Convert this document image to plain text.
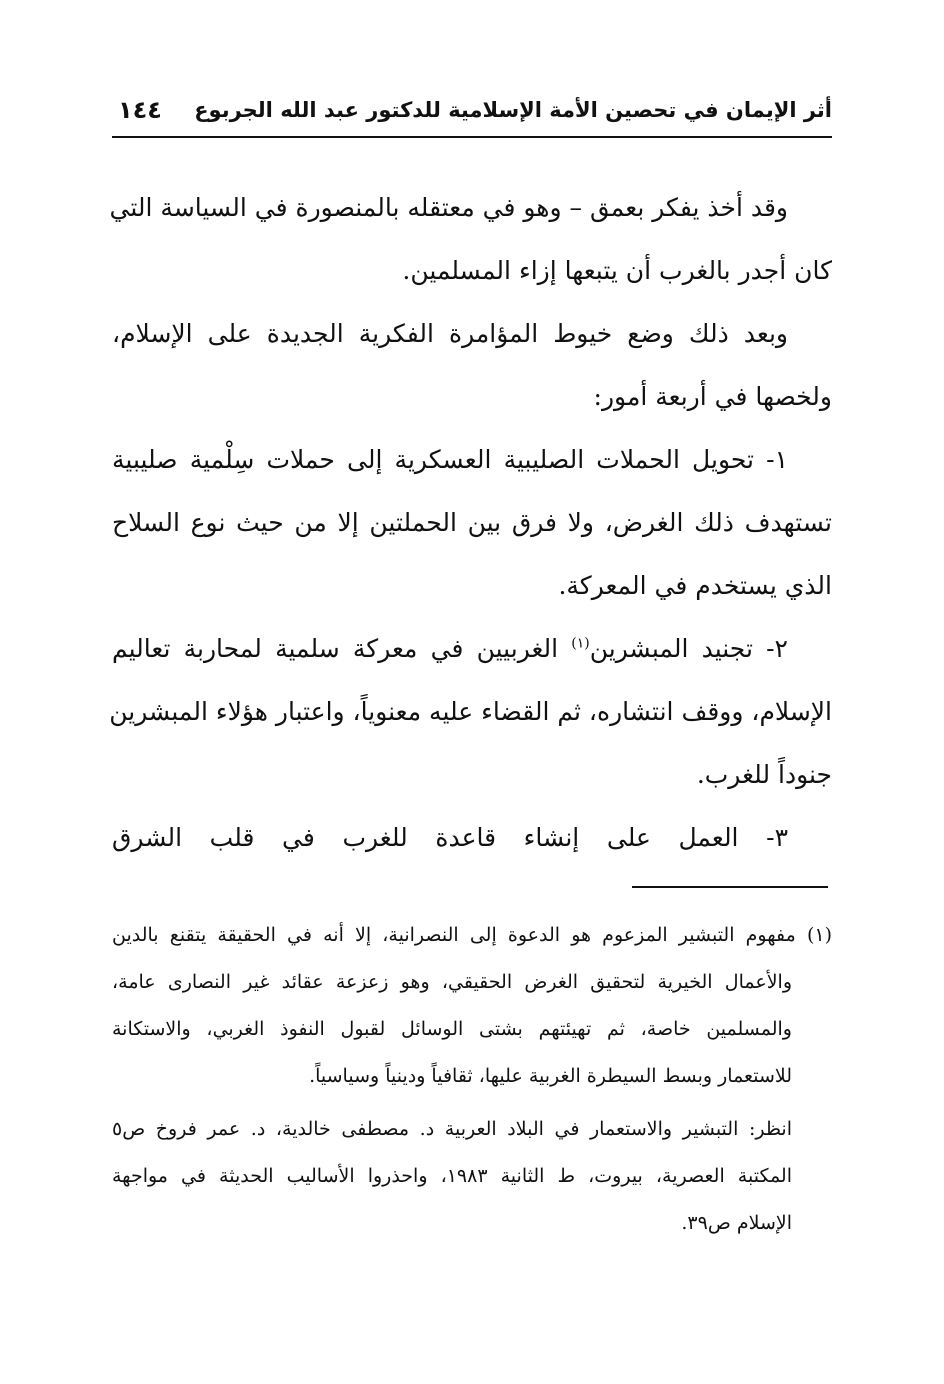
أثر الإيمان في تحصين الأمة الإسلامية للدكتور عبد الله الجربوع
١٤٤
وقد أخذ يفكر بعمق – وهو في معتقله بالمنصورة في السياسة التي
كان أجدر بالغرب أن يتبعها إزاء المسلمين.
وبعد ذلك وضع خيوط المؤامرة الفكرية الجديدة على الإسلام،
ولخصها في أربعة أمور:
١- تحويل الحملات الصليبية العسكرية إلى حملات سِلْمية صليبية
تستهدف ذلك الغرض، ولا فرق بين الحملتين إلا من حيث نوع السلاح
الذي يستخدم في المعركة.
٢- تجنيد المبشرين$^{(١)}$ الغربيين في معركة سلمية لمحاربة تعاليم
الإسلام، ووقف انتشاره، ثم القضاء عليه معنوياً، واعتبار هؤلاء المبشرين
جنوداً للغرب.
٣- العمل على إنشاء قاعدة للغرب في قلب الشرق
(١) مفهوم التبشير المزعوم هو الدعوة إلى النصرانية، إلا أنه في الحقيقة يتقنع بالدين
والأعمال الخيرية لتحقيق الغرض الحقيقي، وهو زعزعة عقائد غير النصارى عامة،
والمسلمين خاصة، ثم تهيئتهم بشتى الوسائل لقبول النفوذ الغربي، والاستكانة
للاستعمار وبسط السيطرة الغربية عليها، ثقافياً ودينياً وسياسياً.
انظر: التبشير والاستعمار في البلاد العربية د. مصطفى خالدية، د. عمر فروخ ص٥
المكتبة العصرية، بيروت، ط الثانية ١٩٨٣، واحذروا الأساليب الحديثة في مواجهة
الإسلام ص٣٩.
